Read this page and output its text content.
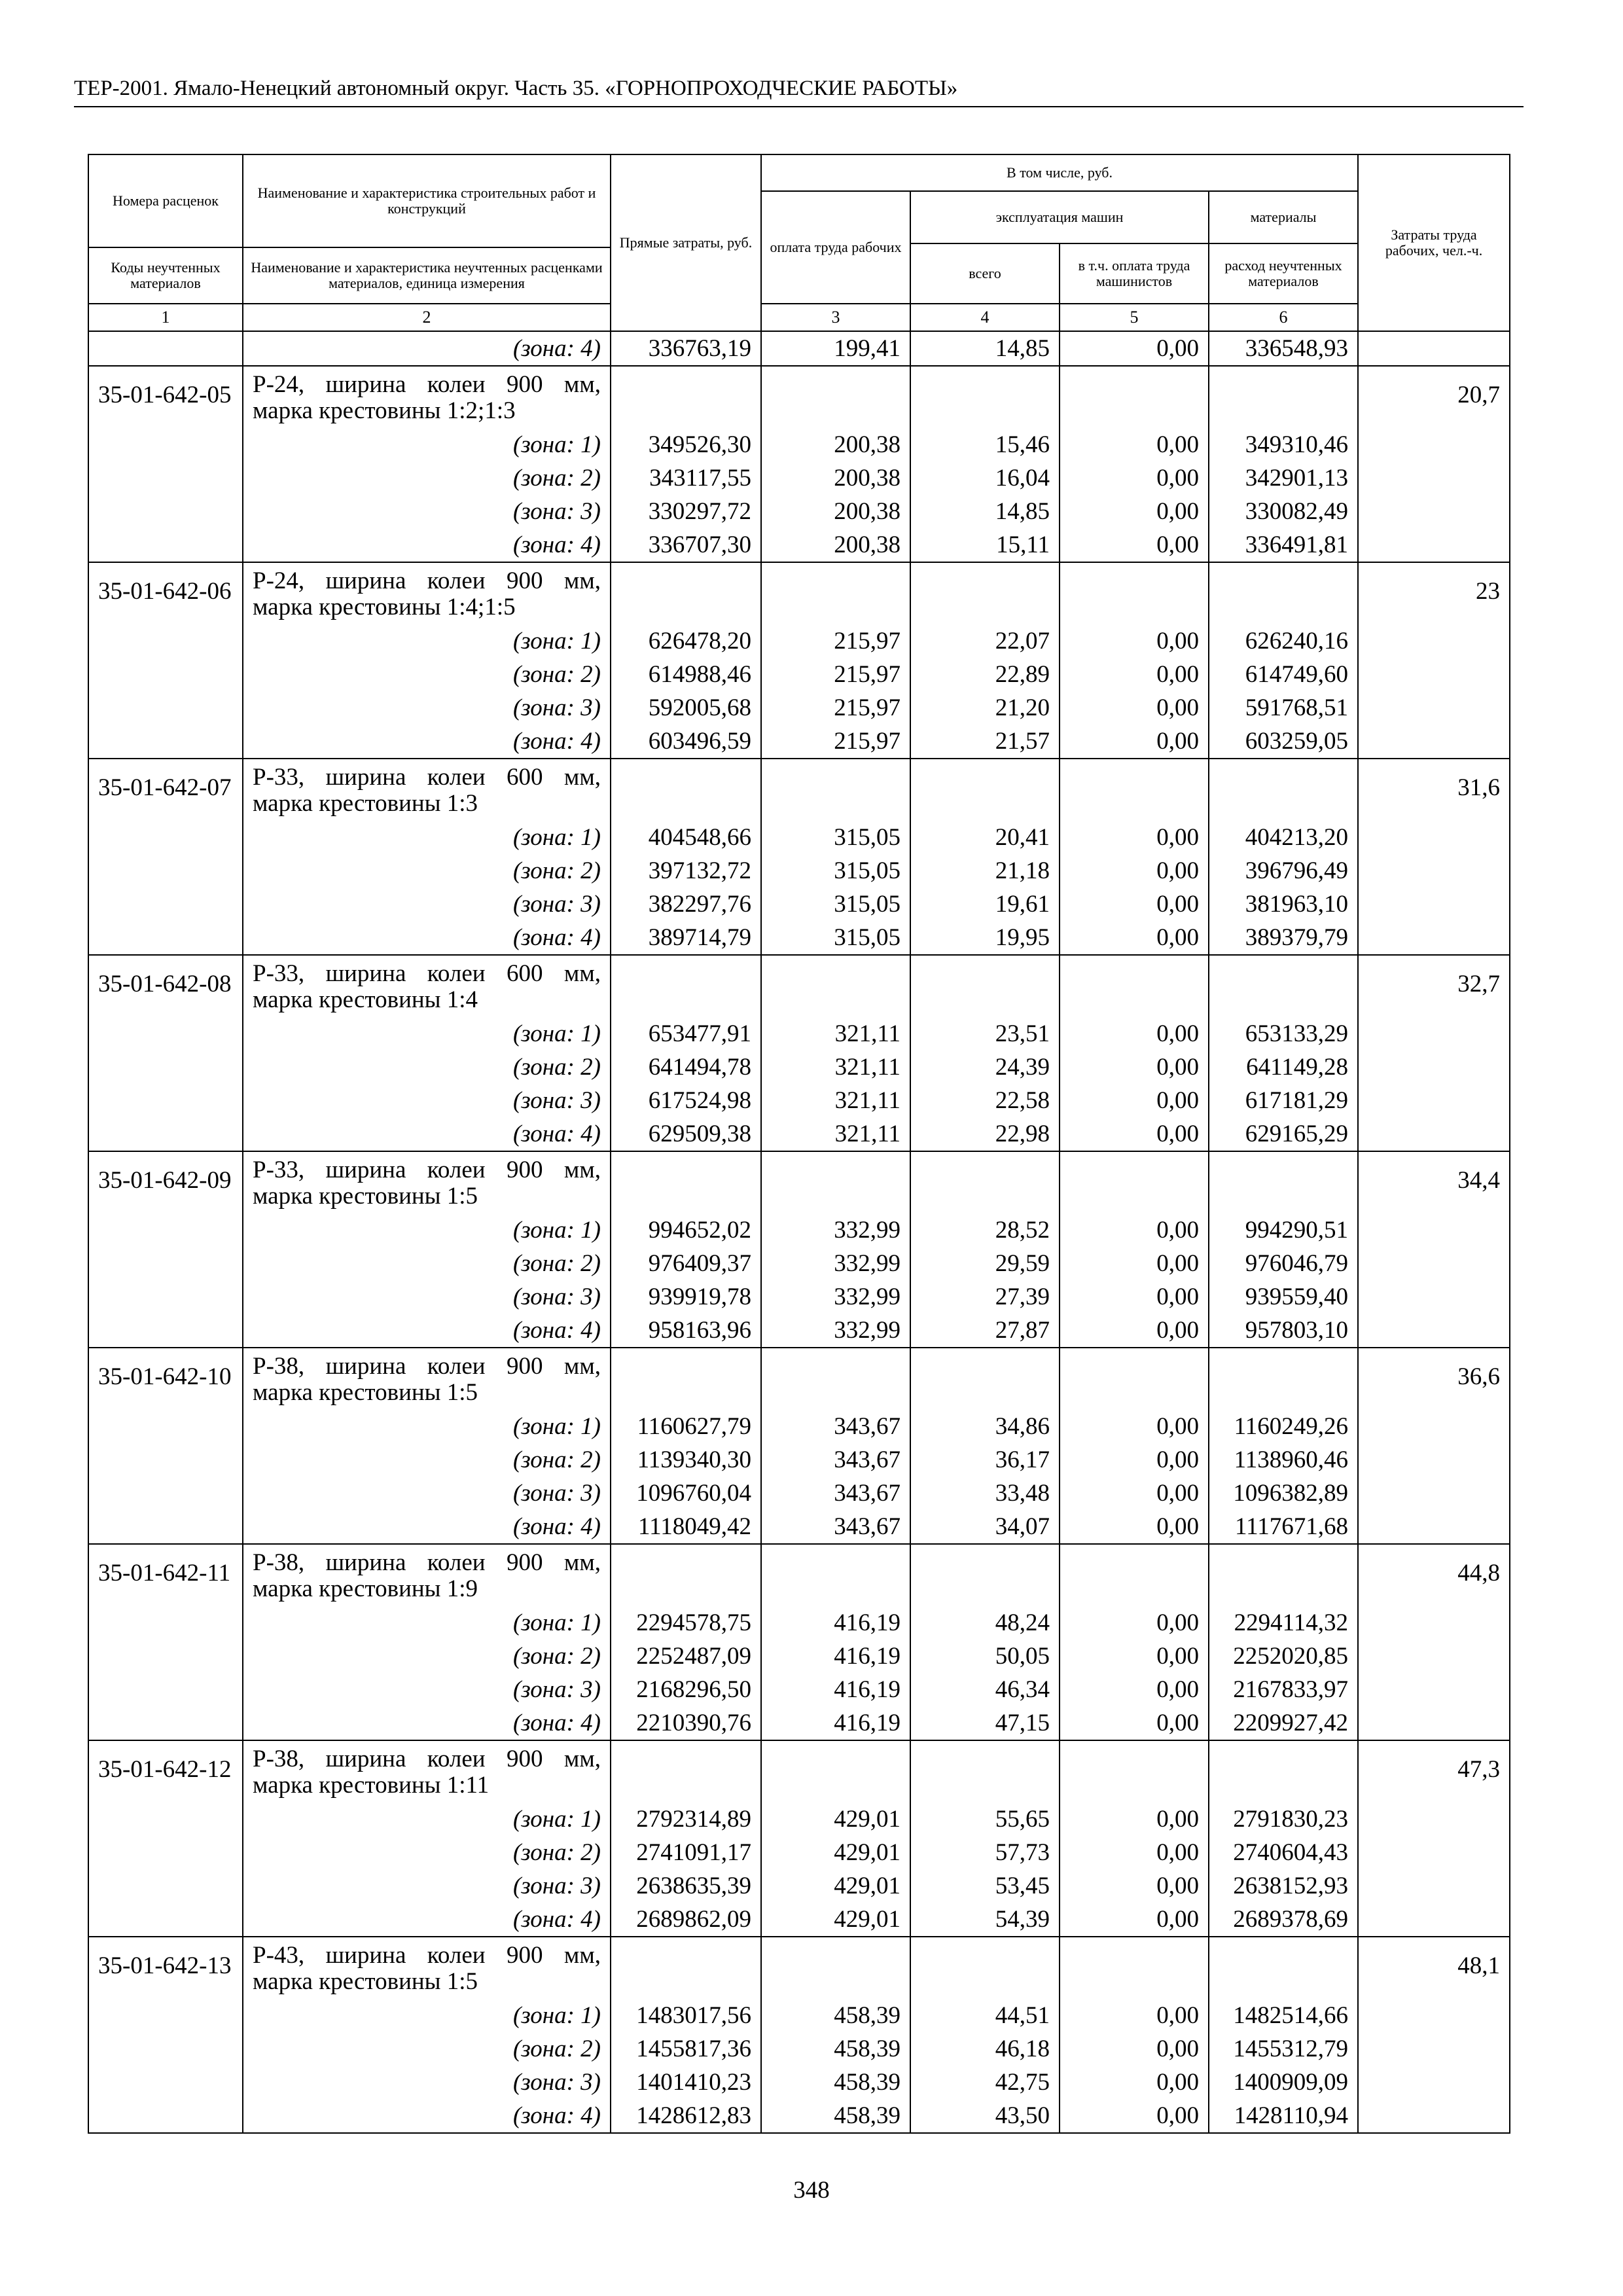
ТЕР-2001. Ямало-Ненецкий автономный округ. Часть 35. «ГОРНОПРОХОДЧЕСКИЕ РАБОТЫ»
Номера расценок	Наименование и характеристика строительных работ и конструкций	Прямые затраты, руб.	В том числе, руб.				Затраты труда рабочих, чел.-ч.	
			оплата труда рабочих	эксплуатация машин		материалы		
				всего	в т.ч. оплата труда машинистов	расход неучтенных материалов		
Коды неучтенных материалов	Наименование и характеристика неучтенных расценками материалов, единица измерения							

1	2		3	4	5	6		
	(зона: 4)	336763,19	199,41	14,85	0,00	336548,93		
35-01-642-05	Р-24, ширина колеи 900 мм, марка крестовины 1:2;1:3						20,7	
	(зона: 1)	349526,30	200,38	15,46	0,00	349310,46		
	(зона: 2)	343117,55	200,38	16,04	0,00	342901,13		
	(зона: 3)	330297,72	200,38	14,85	0,00	330082,49		
	(зона: 4)	336707,30	200,38	15,11	0,00	336491,81		
35-01-642-06	Р-24, ширина колеи 900 мм, марка крестовины 1:4;1:5						23	
	(зона: 1)	626478,20	215,97	22,07	0,00	626240,16		
	(зона: 2)	614988,46	215,97	22,89	0,00	614749,60		
	(зона: 3)	592005,68	215,97	21,20	0,00	591768,51		
	(зона: 4)	603496,59	215,97	21,57	0,00	603259,05		
35-01-642-07	Р-33, ширина колеи 600 мм, марка крестовины 1:3						31,6	
	(зона: 1)	404548,66	315,05	20,41	0,00	404213,20		
	(зона: 2)	397132,72	315,05	21,18	0,00	396796,49		
	(зона: 3)	382297,76	315,05	19,61	0,00	381963,10		
	(зона: 4)	389714,79	315,05	19,95	0,00	389379,79		
35-01-642-08	Р-33, ширина колеи 600 мм, марка крестовины 1:4						32,7	
	(зона: 1)	653477,91	321,11	23,51	0,00	653133,29		
	(зона: 2)	641494,78	321,11	24,39	0,00	641149,28		
	(зона: 3)	617524,98	321,11	22,58	0,00	617181,29		
	(зона: 4)	629509,38	321,11	22,98	0,00	629165,29		
35-01-642-09	Р-33, ширина колеи 900 мм, марка крестовины 1:5						34,4	
	(зона: 1)	994652,02	332,99	28,52	0,00	994290,51		
	(зона: 2)	976409,37	332,99	29,59	0,00	976046,79		
	(зона: 3)	939919,78	332,99	27,39	0,00	939559,40		
	(зона: 4)	958163,96	332,99	27,87	0,00	957803,10		
35-01-642-10	Р-38, ширина колеи 900 мм, марка крестовины 1:5						36,6	
	(зона: 1)	1160627,79	343,67	34,86	0,00	1160249,26		
	(зона: 2)	1139340,30	343,67	36,17	0,00	1138960,46		
	(зона: 3)	1096760,04	343,67	33,48	0,00	1096382,89		
	(зона: 4)	1118049,42	343,67	34,07	0,00	1117671,68		
35-01-642-11	Р-38, ширина колеи 900 мм, марка крестовины 1:9						44,8	
	(зона: 1)	2294578,75	416,19	48,24	0,00	2294114,32		
	(зона: 2)	2252487,09	416,19	50,05	0,00	2252020,85		
	(зона: 3)	2168296,50	416,19	46,34	0,00	2167833,97		
	(зона: 4)	2210390,76	416,19	47,15	0,00	2209927,42		
35-01-642-12	Р-38, ширина колеи 900 мм, марка крестовины 1:11						47,3	
	(зона: 1)	2792314,89	429,01	55,65	0,00	2791830,23		
	(зона: 2)	2741091,17	429,01	57,73	0,00	2740604,43		
	(зона: 3)	2638635,39	429,01	53,45	0,00	2638152,93		
	(зона: 4)	2689862,09	429,01	54,39	0,00	2689378,69		
35-01-642-13	Р-43, ширина колеи 900 мм, марка крестовины 1:5						48,1	
	(зона: 1)	1483017,56	458,39	44,51	0,00	1482514,66		
	(зона: 2)	1455817,36	458,39	46,18	0,00	1455312,79		
	(зона: 3)	1401410,23	458,39	42,75	0,00	1400909,09		
	(зона: 4)	1428612,83	458,39	43,50	0,00	1428110,94		
348
